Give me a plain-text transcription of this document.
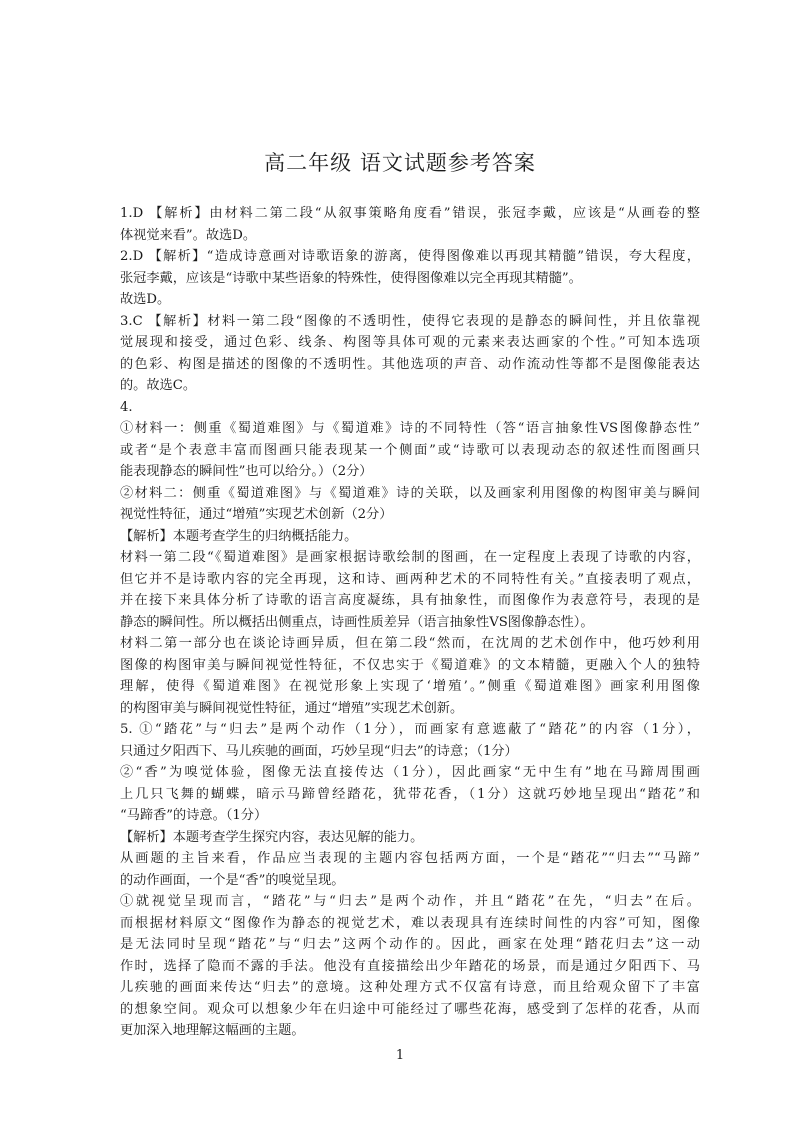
高二年级 语文试题参考答案
1.D 【解析】由材料二第二段“从叙事策略角度看”错误，张冠李戴，应该是“从画卷的整
体视觉来看”。故选D。
2.D 【解析】“造成诗意画对诗歌语象的游离，使得图像难以再现其精髓”错误，夸大程度，
张冠李戴，应该是“诗歌中某些语象的特殊性，使得图像难以完全再现其精髓”。
故选D。
3.C 【解析】材料一第二段“图像的不透明性，使得它表现的是静态的瞬间性，并且依靠视
觉展现和接受，通过色彩、线条、构图等具体可观的元素来表达画家的个性。”可知本选项
的色彩、构图是描述的图像的不透明性。其他选项的声音、动作流动性等都不是图像能表达
的。故选C。
4.
①材料一：侧重《蜀道难图》与《蜀道难》诗的不同特性（答“语言抽象性VS图像静态性”
或者“是个表意丰富而图画只能表现某一个侧面”或“诗歌可以表现动态的叙述性而图画只
能表现静态的瞬间性”也可以给分。）（2分）
②材料二：侧重《蜀道难图》与《蜀道难》诗的关联，以及画家利用图像的构图审美与瞬间
视觉性特征，通过“增殖”实现艺术创新（2分）
【解析】本题考查学生的归纳概括能力。
材料一第二段“《蜀道难图》是画家根据诗歌绘制的图画，在一定程度上表现了诗歌的内容，
但它并不是诗歌内容的完全再现，这和诗、画两种艺术的不同特性有关。”直接表明了观点，
并在接下来具体分析了诗歌的语言高度凝练，具有抽象性，而图像作为表意符号，表现的是
静态的瞬间性。所以概括出侧重点，诗画性质差异（语言抽象性VS图像静态性）。
材料二第一部分也在谈论诗画异质，但在第二段“然而，在沈周的艺术创作中，他巧妙利用
图像的构图审美与瞬间视觉性特征，不仅忠实于《蜀道难》的文本精髓，更融入个人的独特
理解，使得《蜀道难图》在视觉形象上实现了‘增殖’。”侧重《蜀道难图》画家利用图像
的构图审美与瞬间视觉性特征，通过“增殖”实现艺术创新。
5. ①“踏花”与“归去”是两个动作（1分），而画家有意遮蔽了“踏花”的内容（1分），
只通过夕阳西下、马儿疾驰的画面，巧妙呈现“归去”的诗意；（1分）
②“香”为嗅觉体验，图像无法直接传达（1分），因此画家“无中生有”地在马蹄周围画
上几只飞舞的蝴蝶，暗示马蹄曾经踏花，犹带花香，（1分）这就巧妙地呈现出“踏花”和
“马蹄香”的诗意。（1分）
【解析】本题考查学生探究内容，表达见解的能力。
从画题的主旨来看，作品应当表现的主题内容包括两方面，一个是“踏花”“归去”“马蹄”
的动作画面，一个是“香”的嗅觉呈现。
①就视觉呈现而言，“踏花”与“归去”是两个动作，并且“踏花”在先，“归去”在后。
而根据材料原文“图像作为静态的视觉艺术，难以表现具有连续时间性的内容”可知，图像
是无法同时呈现“踏花”与“归去”这两个动作的。因此，画家在处理“踏花归去”这一动
作时，选择了隐而不露的手法。他没有直接描绘出少年踏花的场景，而是通过夕阳西下、马
儿疾驰的画面来传达“归去”的意境。这种处理方式不仅富有诗意，而且给观众留下了丰富
的想象空间。观众可以想象少年在归途中可能经过了哪些花海，感受到了怎样的花香，从而
更加深入地理解这幅画的主题。
1
